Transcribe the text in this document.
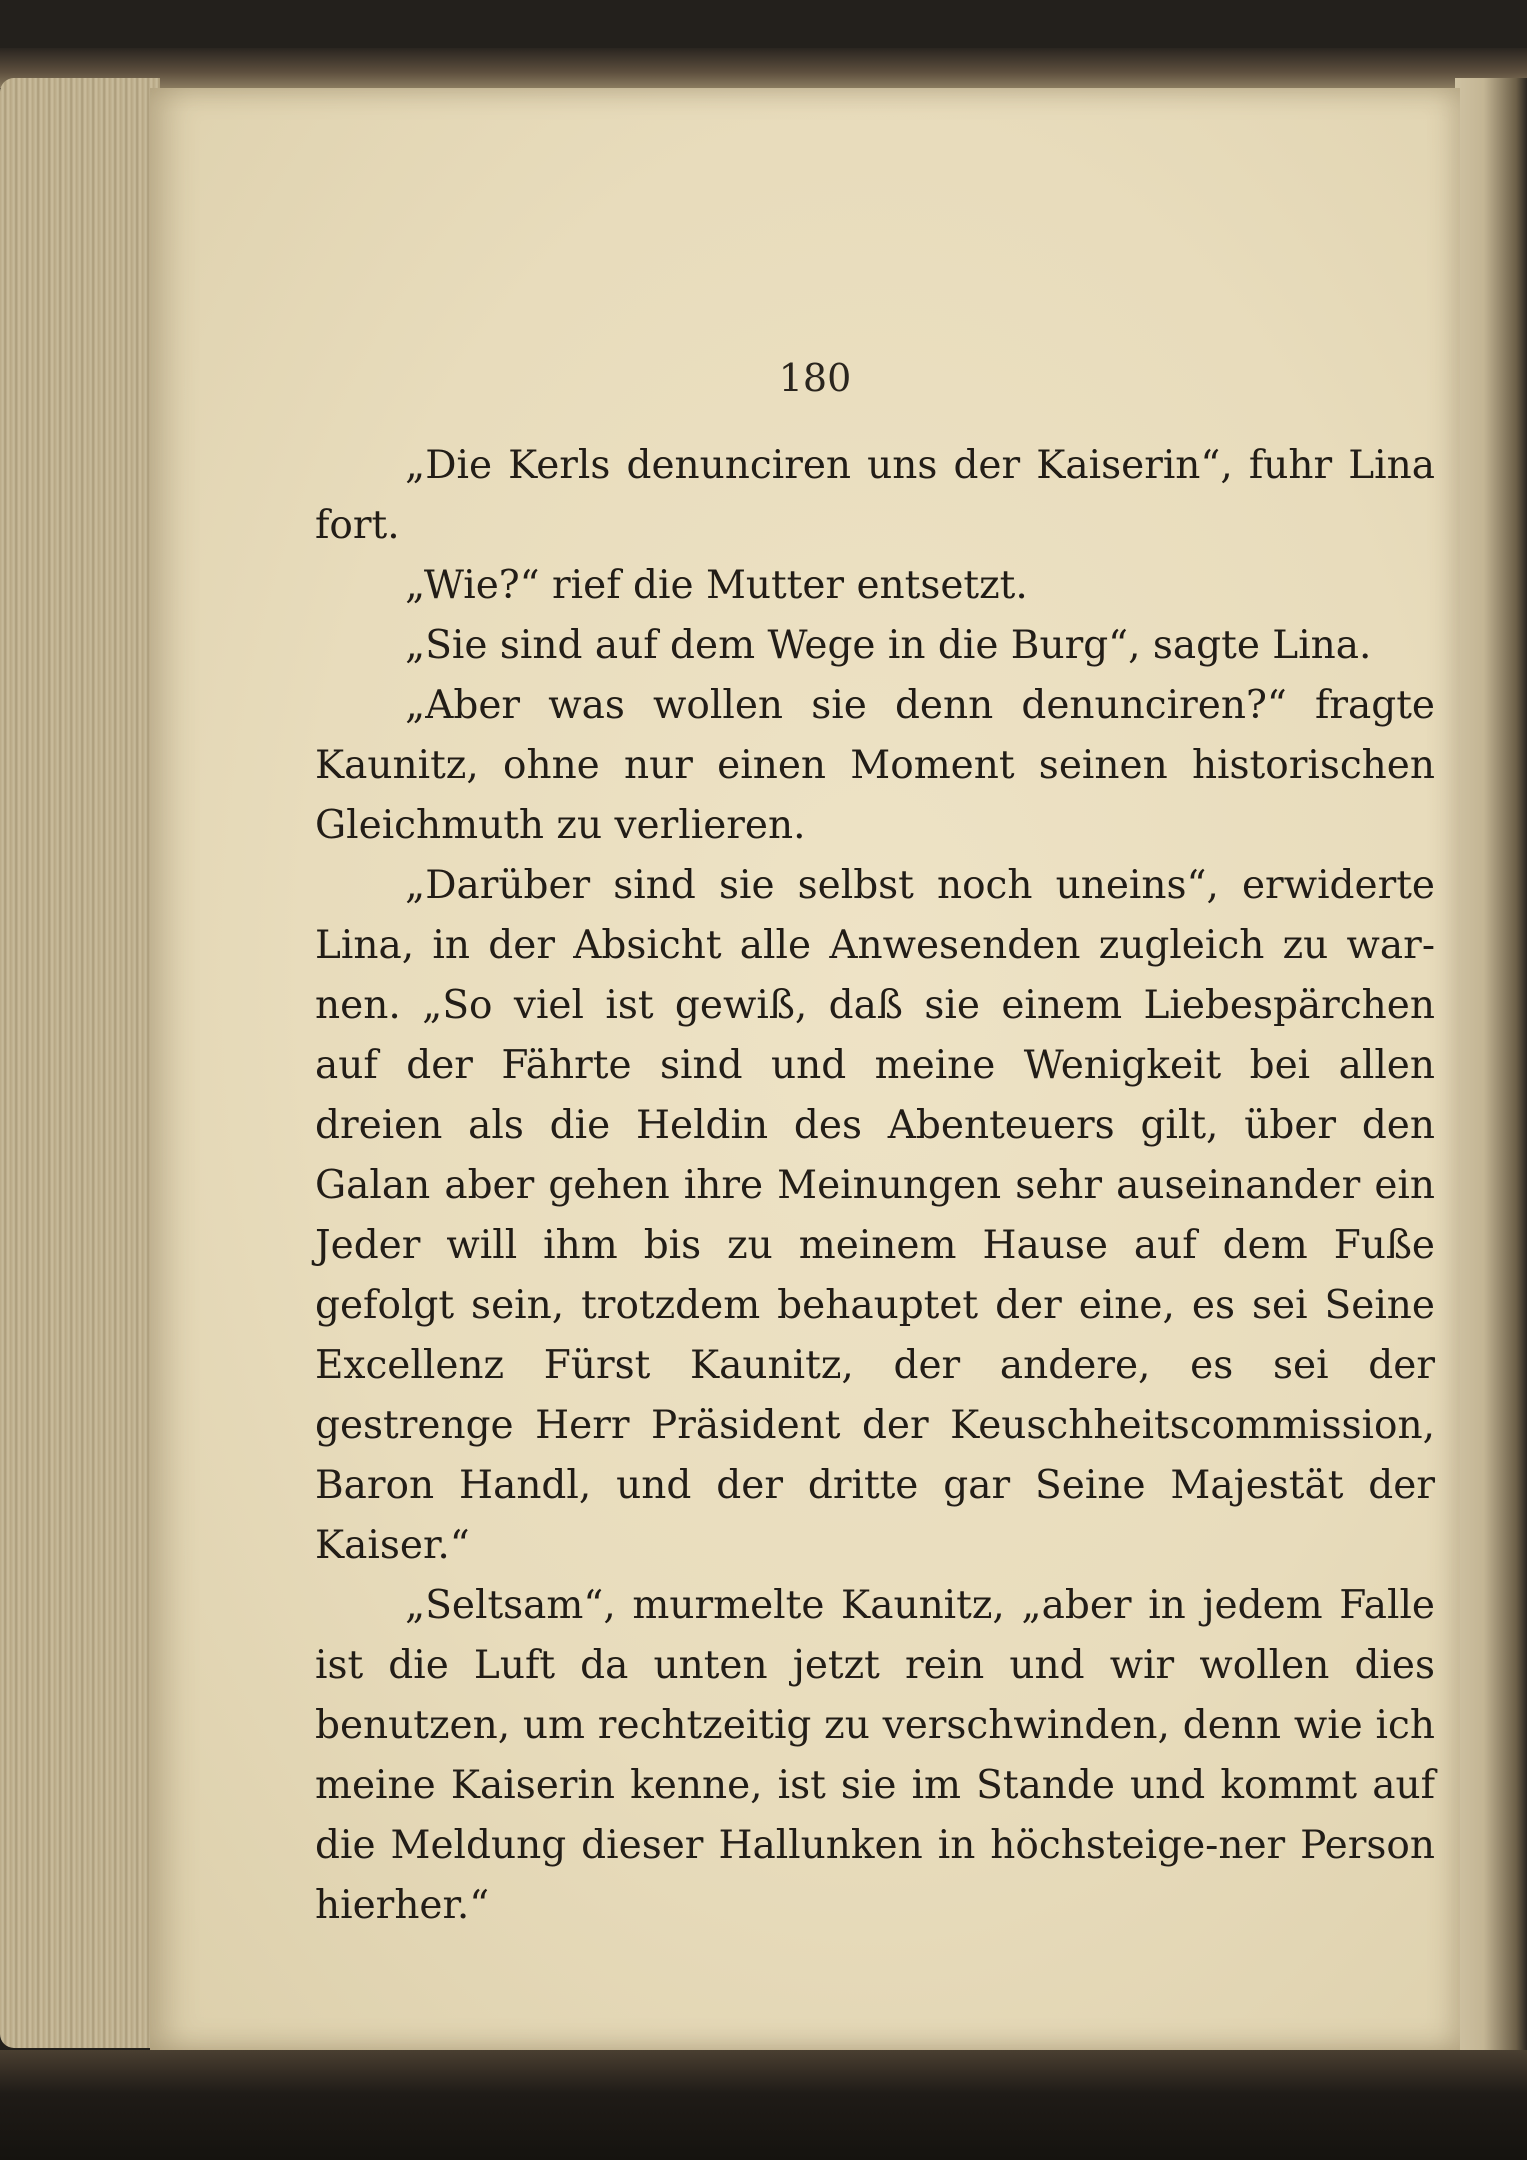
180

„Die Kerls denunciren uns der Kaiserin“, fuhr Lina fort.

„Wie?“ rief die Mutter entsetzt.

„Sie sind auf dem Wege in die Burg“, sagte Lina.

„Aber was wollen sie denn denunciren?“ fragte Kaunitz, ohne nur einen Moment seinen historischen Gleichmuth zu verlieren.

„Darüber sind sie selbst noch uneins“, erwiderte Lina, in der Absicht alle Anwesenden zugleich zu war-nen. „So viel ist gewiß, daß sie einem Liebespärchen auf der Fährte sind und meine Wenigkeit bei allen dreien als die Heldin des Abenteuers gilt, über den Galan aber gehen ihre Meinungen sehr auseinander ein Jeder will ihm bis zu meinem Hause auf dem Fuße gefolgt sein, trotzdem behauptet der eine, es sei Seine Excellenz Fürst Kaunitz, der andere, es sei der gestrenge Herr Präsident der Keuschheitscommission, Baron Handl, und der dritte gar Seine Majestät der Kaiser.“

„Seltsam“, murmelte Kaunitz, „aber in jedem Falle ist die Luft da unten jetzt rein und wir wollen dies benutzen, um rechtzeitig zu verschwinden, denn wie ich meine Kaiserin kenne, ist sie im Stande und kommt auf die Meldung dieser Hallunken in höchsteige-ner Person hierher.“
